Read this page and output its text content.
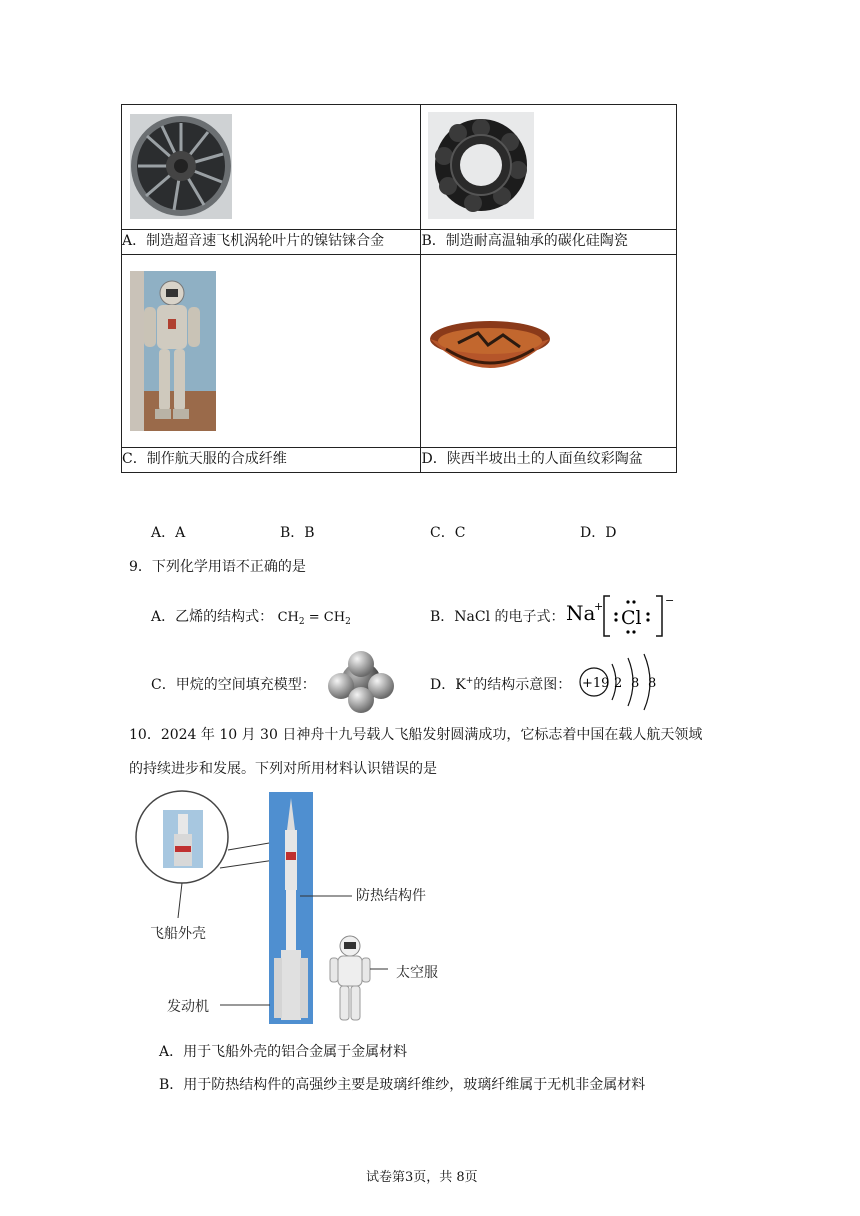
A．制造超音速飞机涡轮叶片的镍钴铼合金	B．制造耐高温轴承的碳化硅陶瓷

C．制作航天服的合成纤维	D．陕西半坡出土的人面鱼纹彩陶盆
A．A	B．B	C．C	D．D
9．下列化学用语不正确的是
A．乙烯的结构式： $CH_2 = CH_2$	B．NaCl 的电子式： Na
+
Cl
−
C．甲烷的空间填充模型：	D．K+的结构示意图： +19 2 8 8
10．2024 年 10 月 30 日神舟十九号载人飞船发射圆满成功，它标志着中国在载人航天领域
的持续进步和发展。下列对所用材料认识错误的是
飞船外壳
防热结构件
太空服
发动机
A．用于飞船外壳的铝合金属于金属材料
B．用于防热结构件的高强纱主要是玻璃纤维纱，玻璃纤维属于无机非金属材料
试卷第3页，共 8页
